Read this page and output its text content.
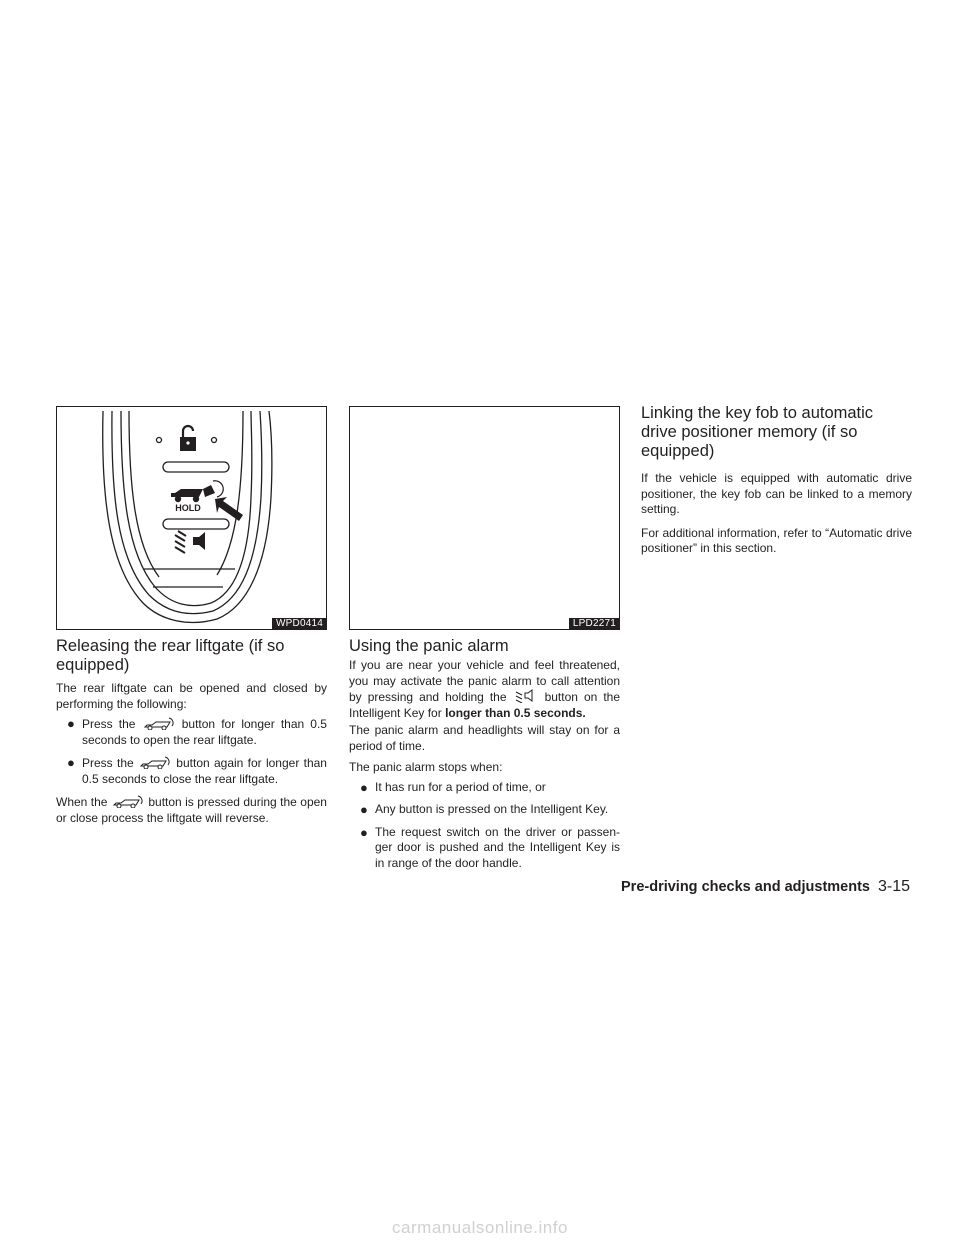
HOLD
WPD0414
Releasing the rear liftgate (if so equipped)

The rear liftgate can be opened and closed by performing the following:

● Press the	button for longer than 0.5 seconds to open the rear liftgate.
● Press the	button again for longer than 0.5 seconds to close the rear liftgate.

When the	button is pressed during the open or close process the liftgate will reverse.

LPD2271
Using the panic alarm

If you are near your vehicle and feel threatened, you may activate the panic alarm to call attention by pressing and holding the	button on the Intelligent Key for longer than 0.5 seconds.

The panic alarm and headlights will stay on for a period of time.

The panic alarm stops when:

● It has run for a period of time, or
● Any button is pressed on the Intelligent Key.
● The request switch on the driver or passen- ger door is pushed and the Intelligent Key is in range of the door handle.
Linking the key fob to automatic drive positioner memory (if so equipped)

If the vehicle is equipped with automatic drive positioner, the key fob can be linked to a memory setting.

For additional information, refer to “Automatic drive positioner” in this section.

Pre-driving checks and adjustments 3-15
carmanualsonline.info
